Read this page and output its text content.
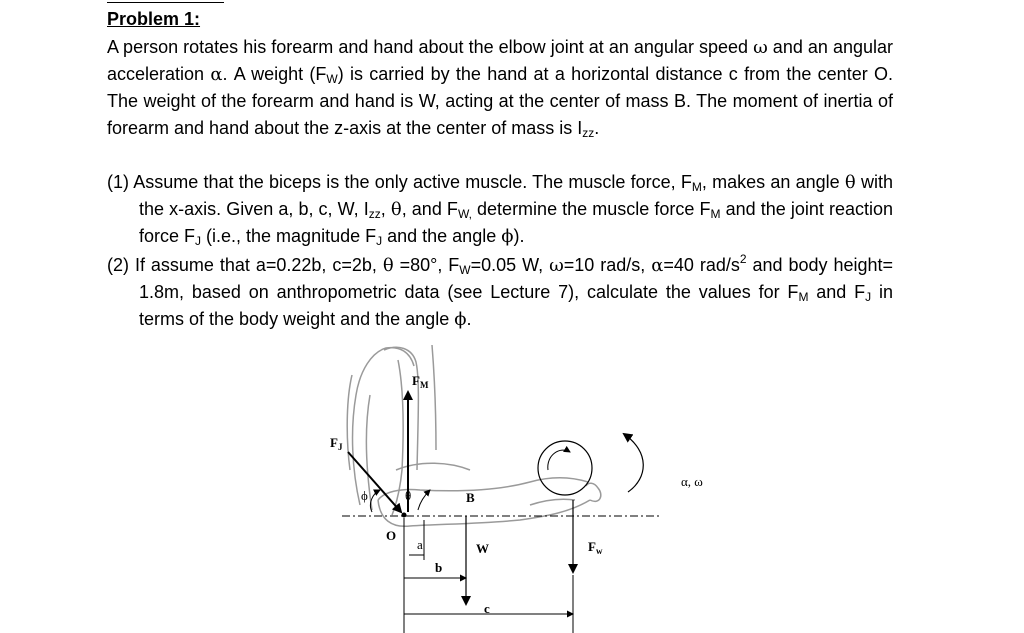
Problem 1:
A person rotates his forearm and hand about the elbow joint at an angular speed ω and an angular acceleration α. A weight $(F_W)$ is carried by the hand at a horizontal distance c from the center O. The weight of the forearm and hand is W, acting at the center of mass B. The moment of inertia of forearm and hand about the z-axis at the center of mass is $I_{zz}$.
(1) Assume that the biceps is the only active muscle. The muscle force, $F_M$, makes an angle θ with the x-axis. Given a, b, c, W, $I_{zz}$, θ, and $F_{W,}$ determine the muscle force $F_M$ and the joint reaction force $F_J$ (i.e., the magnitude $F_J$ and the angle ϕ).
(2) If assume that a=0.22b, c=2b, θ =80°, $F_W=0.05$ W, ω=10 rad/s, α=40 rad/$s^2$ and body height= 1.8m, based on anthropometric data (see Lecture 7), calculate the values for $F_M$ and $F_J$ in terms of the body weight and the angle ϕ.
$F_J$
$F_M$
ϕ	θ
O
B
W	$F_w$
α, ω
a
b
c
